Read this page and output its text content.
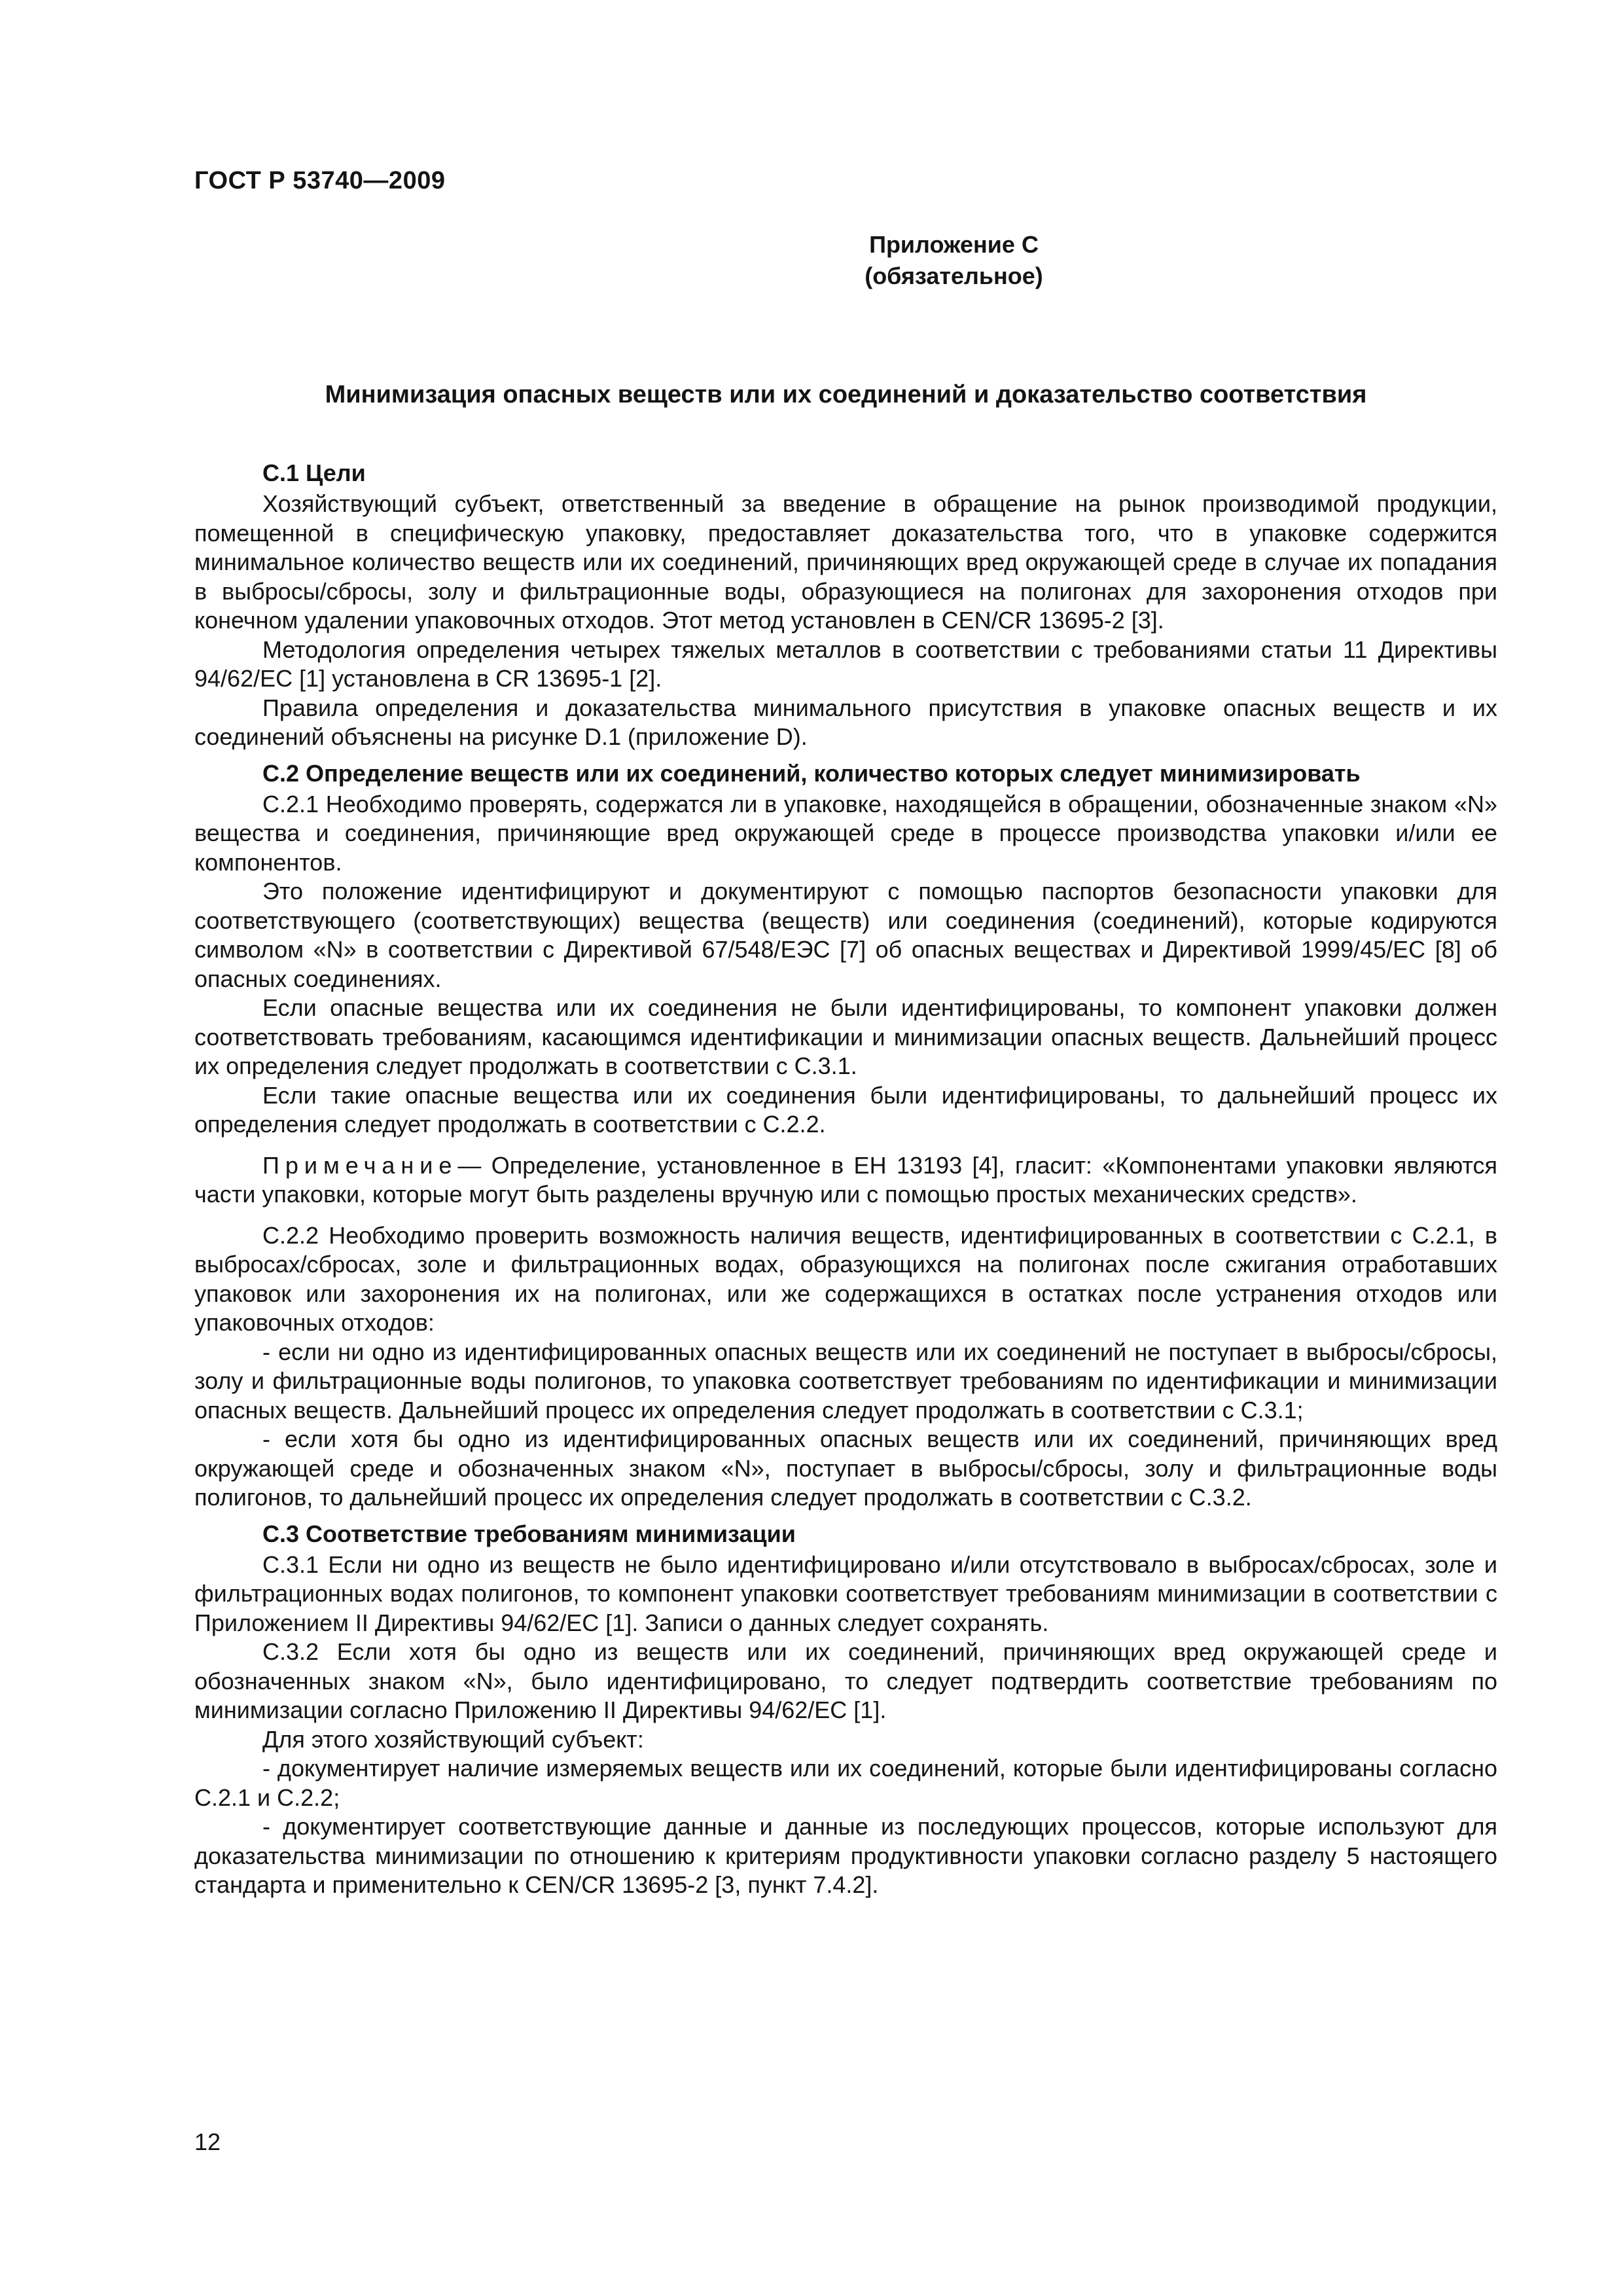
ГОСТ Р 53740—2009
Приложение С
(обязательное)
Минимизация опасных веществ или их соединений и доказательство соответствия
С.1 Цели

Хозяйствующий субъект, ответственный за введение в обращение на рынок производимой продукции, помещенной в специфическую упаковку, предоставляет доказательства того, что в упаковке содержится минимальное количество веществ или их соединений, причиняющих вред окружающей среде в случае их попадания в выбросы/сбросы, золу и фильтрационные воды, образующиеся на полигонах для захоронения отходов при конечном удалении упаковочных отходов. Этот метод установлен в CEN/CR 13695-2 [3].

Методология определения четырех тяжелых металлов в соответствии с требованиями статьи 11 Директивы 94/62/ЕС [1] установлена в CR 13695-1 [2].

Правила определения и доказательства минимального присутствия в упаковке опасных веществ и их соединений объяснены на рисунке D.1 (приложение D).

С.2 Определение веществ или их соединений, количество которых следует минимизировать

С.2.1 Необходимо проверять, содержатся ли в упаковке, находящейся в обращении, обозначенные знаком «N» вещества и соединения, причиняющие вред окружающей среде в процессе производства упаковки и/или ее компонентов.

Это положение идентифицируют и документируют с помощью паспортов безопасности упаковки для соответствующего (соответствующих) вещества (веществ) или соединения (соединений), которые кодируются символом «N» в соответствии с Директивой 67/548/ЕЭС [7] об опасных веществах и Директивой 1999/45/ЕС [8] об опасных соединениях.

Если опасные вещества или их соединения не были идентифицированы, то компонент упаковки должен соответствовать требованиям, касающимся идентификации и минимизации опасных веществ. Дальнейший процесс их определения следует продолжать в соответствии с С.3.1.

Если такие опасные вещества или их соединения были идентифицированы, то дальнейший процесс их определения следует продолжать в соответствии с С.2.2.

Примечание— Определение, установленное в ЕН 13193 [4], гласит: «Компонентами упаковки являются части упаковки, которые могут быть разделены вручную или с помощью простых механических средств».

С.2.2 Необходимо проверить возможность наличия веществ, идентифицированных в соответствии с С.2.1, в выбросах/сбросах, золе и фильтрационных водах, образующихся на полигонах после сжигания отработавших упаковок или захоронения их на полигонах, или же содержащихся в остатках после устранения отходов или упаковочных отходов:

- если ни одно из идентифицированных опасных веществ или их соединений не поступает в выбросы/сбросы, золу и фильтрационные воды полигонов, то упаковка соответствует требованиям по идентификации и минимизации опасных веществ. Дальнейший процесс их определения следует продолжать в соответствии с С.3.1;

- если хотя бы одно из идентифицированных опасных веществ или их соединений, причиняющих вред окружающей среде и обозначенных знаком «N», поступает в выбросы/сбросы, золу и фильтрационные воды полигонов, то дальнейший процесс их определения следует продолжать в соответствии с С.3.2.

С.3 Соответствие требованиям минимизации

С.3.1 Если ни одно из веществ не было идентифицировано и/или отсутствовало в выбросах/сбросах, золе и фильтрационных водах полигонов, то компонент упаковки соответствует требованиям минимизации в соответствии с Приложением II Директивы 94/62/ЕС [1]. Записи о данных следует сохранять.

С.3.2 Если хотя бы одно из веществ или их соединений, причиняющих вред окружающей среде и обозначенных знаком «N», было идентифицировано, то следует подтвердить соответствие требованиям по минимизации согласно Приложению II Директивы 94/62/ЕС [1].

Для этого хозяйствующий субъект:

- документирует наличие измеряемых веществ или их соединений, которые были идентифицированы согласно С.2.1 и С.2.2;

- документирует соответствующие данные и данные из последующих процессов, которые используют для доказательства минимизации по отношению к критериям продуктивности упаковки согласно разделу 5 настоящего стандарта и применительно к CEN/CR 13695-2 [3, пункт 7.4.2].

12
